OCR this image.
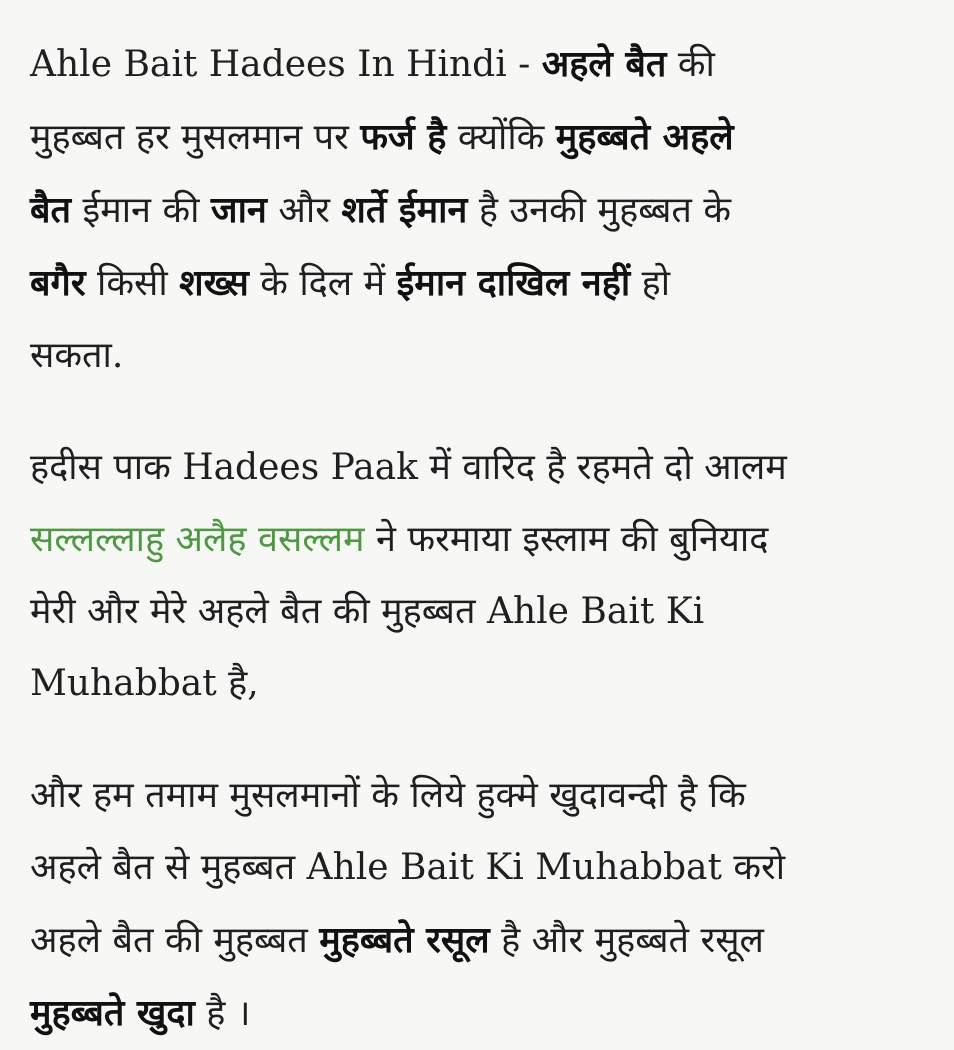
Ahle Bait Hadees In Hindi - अहले बैत की
मुहब्बत हर मुसलमान पर फर्ज है क्योंकि मुहब्बते अहले
बैत ईमान की जान और शर्ते ईमान है उनकी मुहब्बत के
बगैर किसी शख्स के दिल में ईमान दाखिल नहीं हो
सकता.

हदीस पाक Hadees Paak में वारिद है रहमते दो आलम
सल्लल्लाहु अलैह वसल्लम ने फरमाया इस्लाम की बुनियाद
मेरी और मेरे अहले बैत की मुहब्बत Ahle Bait Ki
Muhabbat है,

और हम तमाम मुसलमानों के लिये हुक्मे खुदावन्दी है कि
अहले बैत से मुहब्बत Ahle Bait Ki Muhabbat करो
अहले बैत की मुहब्बत मुहब्बते रसूल है और मुहब्बते रसूल
मुहब्बते खुदा है ।
